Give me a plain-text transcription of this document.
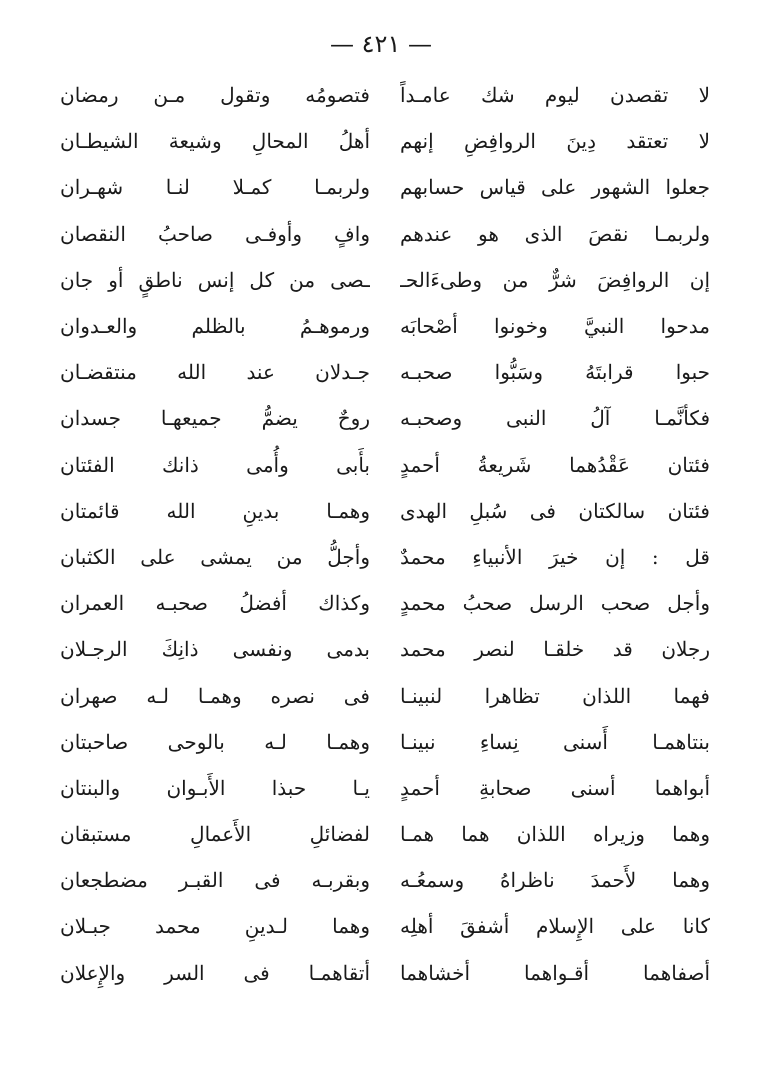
— ٤٢١ —
لا تقصدن ليوم شك عامـداً
فتصومُه وتقول مـن رمضان
لا تعتقد دِينَ الروافِضِ إنهم
أهلُ المحالِ وشيعة الشيطـان
جعلوا الشهور على قياس حسابهم
ولربمـا كمـلا لنـا شهـران
ولربمـا نقصَ الذى هو عندهم
وافٍ وأوفـى صاحبُ النقصان
إن الروافِضَ شرٌّ من وطىءَالحـ
ـصى من كل إنس ناطقٍ أو جان
مدحوا النبيَّ وخونوا أصْحابَه
ورموهـمُ بالظلم والعـدوان
حبوا قرابتَهُ وسَبُّوا صحبـه
جـدلان عند الله منتقضـان
فكأنَّمـا آلُ النبى وصحبـه
روحٌ يضمُّ جميعهـا جسدان
فئتان عَقْدُهما شَريعةُ أحمدٍ
بأَبى وأُمى ذانك الفئتان
فئتان سالكتان فى سُبلِ الهدى
وهمـا بدينِ الله قائمتان
قل : إن خيرَ الأنبياءِ محمدٌ
وأجلُّ من يمشى على الكثبان
وأجل صحب الرسل صحبُ محمدٍ
وكذاك أفضلُ صحبـه العمران
رجلان قد خلقـا لنصر محمد
بدمى ونفسى ذانِكَ الرجـلان
فهما اللذان تظاهرا لنبينـا
فى نصره وهمـا لـه صهران
بنتاهمـا أَسنى نِساءِ نبينـا
وهمـا لـه بالوحى صاحبتان
أبواهما أسنى صحابةِ أحمدٍ
يـا حبذا الأَبـوان والبنتان
وهما وزيراه اللذان هما همـا
لفضائلِ الأَعمالِ مستبقان
وهما لأَحمدَ ناظراهُ وسمعُـه
وبقربـه فى القبـر مضطجعان
كانا على الإِسلام أشفقَ أهلِه
وهما لـدينِ محمد جبـلان
أصفاهما أقـواهما أخشاهما
أتقاهمـا فى السر والإِعلان
